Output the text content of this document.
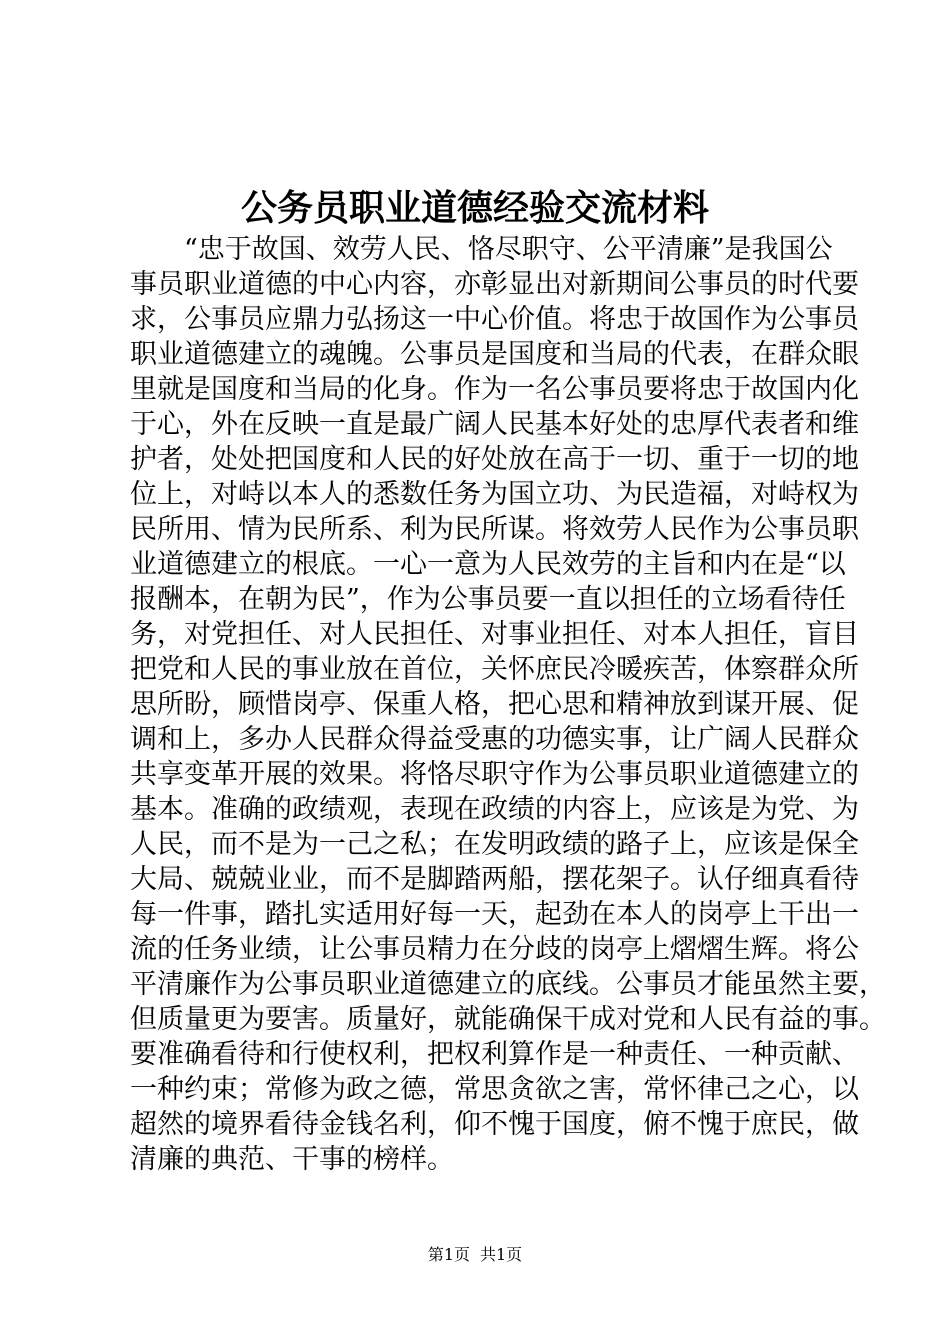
公务员职业道德经验交流材料
“忠于故国、效劳人民、恪尽职守、公平清廉”是我国公
事员职业道德的中心内容，亦彰显出对新期间公事员的时代要
求，公事员应鼎力弘扬这一中心价值。将忠于故国作为公事员
职业道德建立的魂魄。公事员是国度和当局的代表，在群众眼
里就是国度和当局的化身。作为一名公事员要将忠于故国内化
于心，外在反映一直是最广阔人民基本好处的忠厚代表者和维
护者，处处把国度和人民的好处放在高于一切、重于一切的地
位上，对峙以本人的悉数任务为国立功、为民造福，对峙权为
民所用、情为民所系、利为民所谋。将效劳人民作为公事员职
业道德建立的根底。一心一意为人民效劳的主旨和内在是“以
报酬本，在朝为民”，作为公事员要一直以担任的立场看待任
务，对党担任、对人民担任、对事业担任、对本人担任，盲目
把党和人民的事业放在首位，关怀庶民冷暖疾苦，体察群众所
思所盼，顾惜岗亭、保重人格，把心思和精神放到谋开展、促
调和上，多办人民群众得益受惠的功德实事，让广阔人民群众
共享变革开展的效果。将恪尽职守作为公事员职业道德建立的
基本。准确的政绩观，表现在政绩的内容上，应该是为党、为
人民，而不是为一己之私；在发明政绩的路子上，应该是保全
大局、兢兢业业，而不是脚踏两船，摆花架子。认仔细真看待
每一件事，踏扎实适用好每一天，起劲在本人的岗亭上干出一
流的任务业绩，让公事员精力在分歧的岗亭上熠熠生辉。将公
平清廉作为公事员职业道德建立的底线。公事员才能虽然主要，
但质量更为要害。质量好，就能确保干成对党和人民有益的事。
要准确看待和行使权利，把权利算作是一种责任、一种贡献、
一种约束；常修为政之德，常思贪欲之害，常怀律己之心，以
超然的境界看待金钱名利，仰不愧于国度，俯不愧于庶民，做
清廉的典范、干事的榜样。
第1页 共1页
